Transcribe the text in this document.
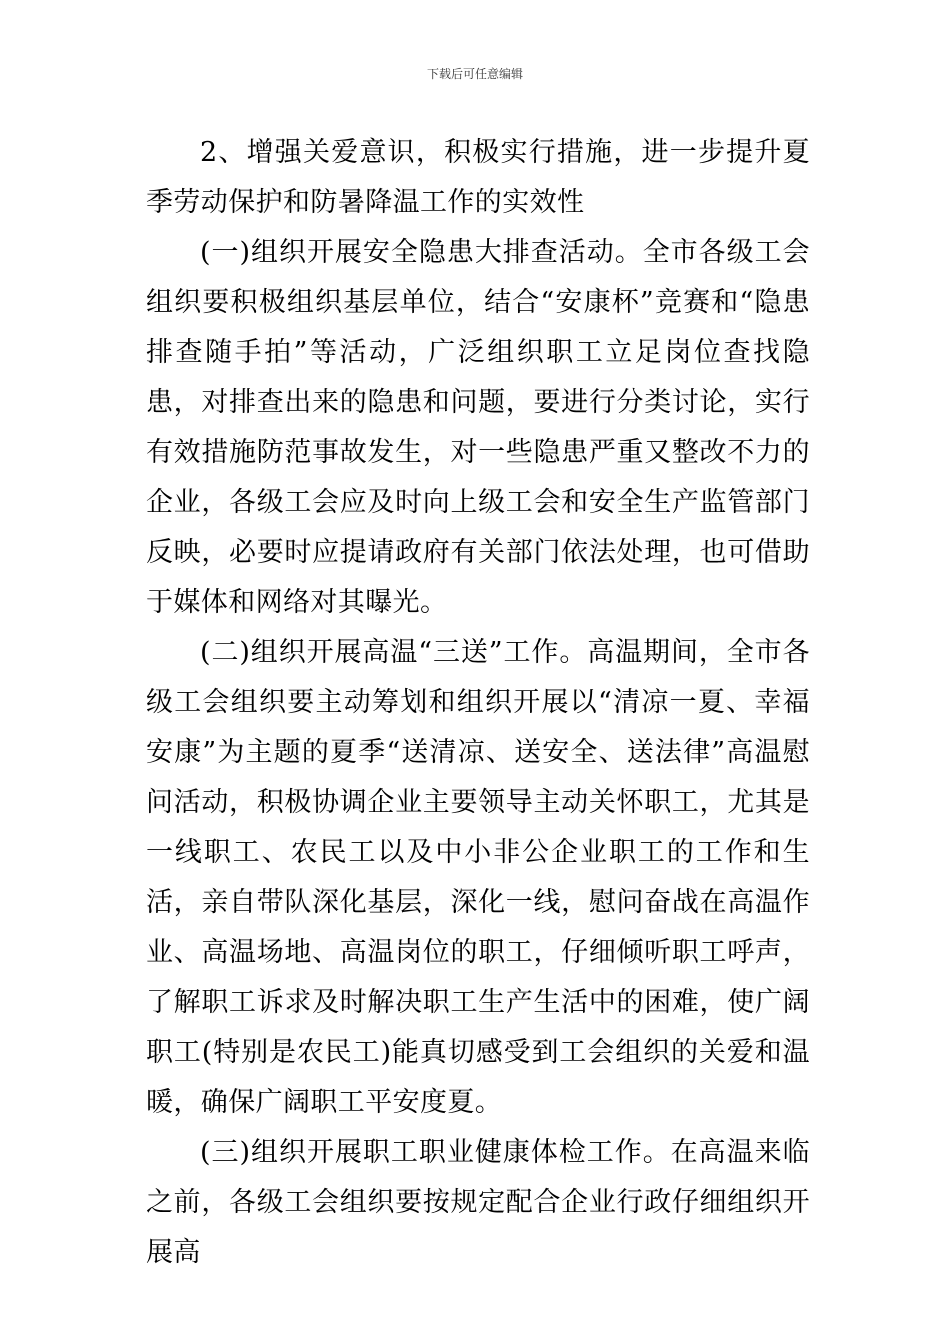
下载后可任意编辑

2、增强关爱意识，积极实行措施，进一步提升夏季劳动保护和防暑降温工作的实效性

(一)组织开展安全隐患大排查活动。全市各级工会组织要积极组织基层单位，结合“安康杯”竞赛和“隐患排查随手拍”等活动，广泛组织职工立足岗位查找隐患，对排查出来的隐患和问题，要进行分类讨论，实行有效措施防范事故发生，对一些隐患严重又整改不力的企业，各级工会应及时向上级工会和安全生产监管部门反映，必要时应提请政府有关部门依法处理，也可借助于媒体和网络对其曝光。

(二)组织开展高温“三送”工作。高温期间，全市各级工会组织要主动筹划和组织开展以“清凉一夏、幸福安康”为主题的夏季“送清凉、送安全、送法律”高温慰问活动，积极协调企业主要领导主动关怀职工，尤其是一线职工、农民工以及中小非公企业职工的工作和生活，亲自带队深化基层，深化一线，慰问奋战在高温作业、高温场地、高温岗位的职工，仔细倾听职工呼声，了解职工诉求及时解决职工生产生活中的困难，使广阔职工(特别是农民工)能真切感受到工会组织的关爱和温暖，确保广阔职工平安度夏。

(三)组织开展职工职业健康体检工作。在高温来临之前，各级工会组织要按规定配合企业行政仔细组织开展高
